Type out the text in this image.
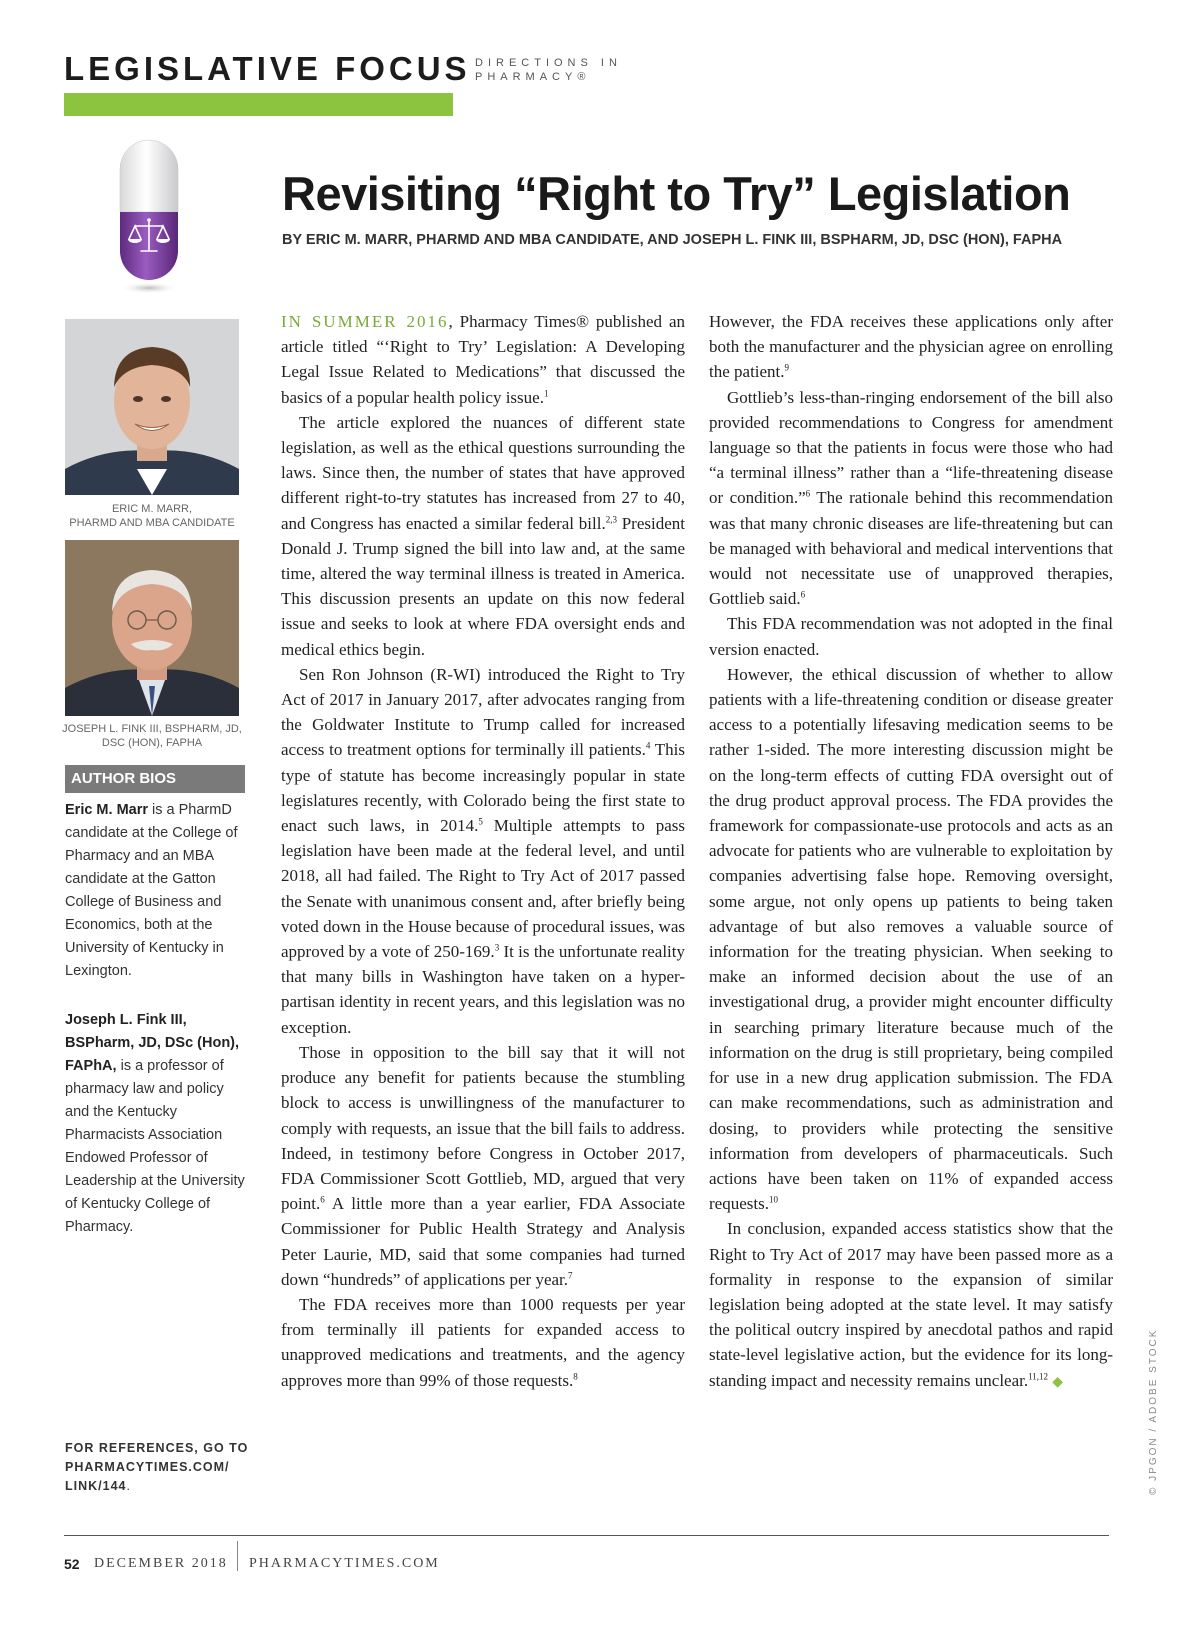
LEGISLATIVE FOCUS DIRECTIONS IN
PHARMACY®
Revisiting “Right to Try” Legislation
BY ERIC M. MARR, PHARMD AND MBA CANDIDATE, AND JOSEPH L. FINK III, BSPHARM, JD, DSC (HON), FAPHA
ERIC M. MARR,
PHARMD AND MBA CANDIDATE
JOSEPH L. FINK III, BSPHARM, JD,
DSC (HON), FAPHA
AUTHOR BIOS
Eric M. Marr is a PharmD candidate at the College of Pharmacy and an MBA candidate at the Gatton College of Business and Economics, both at the University of Kentucky in Lexington.
Joseph L. Fink III, BSPharm, JD, DSc (Hon), FAPhA, is a professor of pharmacy law and policy and the Kentucky Pharmacists Association Endowed Professor of Leadership at the University of Kentucky College of Pharmacy.
FOR REFERENCES, GO TO
PHARMACYTIMES.COM/
LINK/144.

IN SUMMER 2016, Pharmacy Times® published an article titled “‘Right to Try’ Legislation: A Developing Legal Issue Related to Medications” that discussed the basics of a popular health policy issue.$^1$

The article explored the nuances of different state legislation, as well as the ethical questions surrounding the laws. Since then, the number of states that have approved different right-to-try statutes has increased from 27 to 40, and Congress has enacted a similar federal bill.$^{2,3}$ President Donald J. Trump signed the bill into law and, at the same time, altered the way terminal illness is treated in America. This discussion presents an update on this now federal issue and seeks to look at where FDA oversight ends and medical ethics begin.

Sen Ron Johnson (R-WI) introduced the Right to Try Act of 2017 in January 2017, after advocates ranging from the Goldwater Institute to Trump called for increased access to treatment options for terminally ill patients.$^4$ This type of statute has become increasingly popular in state legislatures recently, with Colorado being the first state to enact such laws, in 2014.$^5$ Multiple attempts to pass legislation have been made at the federal level, and until 2018, all had failed. The Right to Try Act of 2017 passed the Senate with unanimous consent and, after briefly being voted down in the House because of procedural issues, was approved by a vote of 250-169.$^3$ It is the unfortunate reality that many bills in Washington have taken on a hyper-partisan identity in recent years, and this legislation was no exception.

Those in opposition to the bill say that it will not produce any benefit for patients because the stumbling block to access is unwillingness of the manufacturer to comply with requests, an issue that the bill fails to address. Indeed, in testimony before Congress in October 2017, FDA Commissioner Scott Gottlieb, MD, argued that very point.$^6$ A little more than a year earlier, FDA Associate Commissioner for Public Health Strategy and Analysis Peter Laurie, MD, said that some companies had turned down “hundreds” of applications per year.$^7$

The FDA receives more than 1000 requests per year from terminally ill patients for expanded access to unapproved medications and treatments, and the agency approves more than 99% of those requests.$^8$

However, the FDA receives these applications only after both the manufacturer and the physician agree on enrolling the patient.$^9$

Gottlieb’s less-than-ringing endorsement of the bill also provided recommendations to Congress for amendment language so that the patients in focus were those who had “a terminal illness” rather than a “life-threatening disease or condition.”$^6$ The rationale behind this recommendation was that many chronic diseases are life-threatening but can be managed with behavioral and medical interventions that would not necessitate use of unapproved therapies, Gottlieb said.$^6$

This FDA recommendation was not adopted in the final version enacted.

However, the ethical discussion of whether to allow patients with a life-threatening condition or disease greater access to a potentially lifesaving medication seems to be rather 1-sided. The more interesting discussion might be on the long-term effects of cutting FDA oversight out of the drug product approval process. The FDA provides the framework for compassionate-use protocols and acts as an advocate for patients who are vulnerable to exploitation by companies advertising false hope. Removing oversight, some argue, not only opens up patients to being taken advantage of but also removes a valuable source of information for the treating physician. When seeking to make an informed decision about the use of an investigational drug, a provider might encounter difficulty in searching primary literature because much of the information on the drug is still proprietary, being compiled for use in a new drug application submission. The FDA can make recommendations, such as administration and dosing, to providers while protecting the sensitive information from developers of pharmaceuticals. Such actions have been taken on 11% of expanded access requests.$^{10}$

In conclusion, expanded access statistics show that the Right to Try Act of 2017 may have been passed more as a formality in response to the expansion of similar legislation being adopted at the state level. It may satisfy the political outcry inspired by anecdotal pathos and rapid state-level legislative action, but the evidence for its long-standing impact and necessity remains unclear.$^{11,12}$ ◆	© JPGON / ADOBE STOCK
52 DECEMBER 2018 PHARMACYTIMES.COM
